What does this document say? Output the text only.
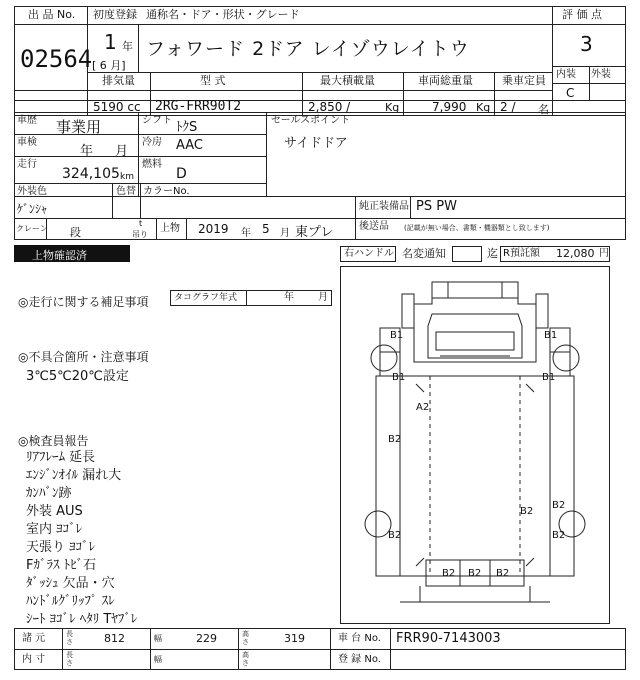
出 品 No.
02564
初度登録
1 年
[ 6 月]
通称名・ドア・形状・グレード
フォワード 2ドア レイゾウレイトウ
評 価 点
3
内装 外装
C
排気量	型 式	最大積載量	車両総重量	乗車定員
5190 cc 2RG-FRR90T2	2,850 /	Kg	7,990 Kg 2 / 名
車歴 事業用
車検
年 月
走行
324,105 km
外装色
ｹﾞﾝｼｬ
色替
シフト ﾄｸS
冷房 AAC
燃料
D
カラーNo.
セールスポイント
サイドドア
純正装備品 PS PW
後送品 (記載が無い場合、書類・機器類とし致します)
クレーン 段
t
吊り
上物 2019 年 5 月 東プレ
上物確認済	右ハンドル 名変通知	迄 R預託額 12,080 円
◎走行に関する補足事項	タコグラフ年式	年 月
◎不具合箇所・注意事項
3℃5℃20℃設定
◎検査員報告
ﾘｱﾌﾚｰﾑ 延長
ｴﾝｼﾞﾝｵｲﾙ 漏れ大
ｶﾝﾊﾞﾝ跡
外装 AUS
室内 ﾖｺﾞﾚ
天張り ﾖｺﾞﾚ
Fｶﾞﾗｽ ﾄﾋﾞ石
ﾀﾞｯｼｭ 欠品・穴
ﾊﾝﾄﾞﾙｸﾞﾘｯﾌﾟ ｽﾚ
ｼｰﾄ ﾖｺﾞﾚ ﾍﾀﾘ Tﾔﾌﾞﾚ
B1	B1
B1	B1
A2
B2
B2
B2
B2	B2
B2 B2 B2
諸 元	長さ	812	幅	229	高さ	319	車 台 No. FRR90-7143003
内 寸	長さ	幅	高さ	登 録 No.
